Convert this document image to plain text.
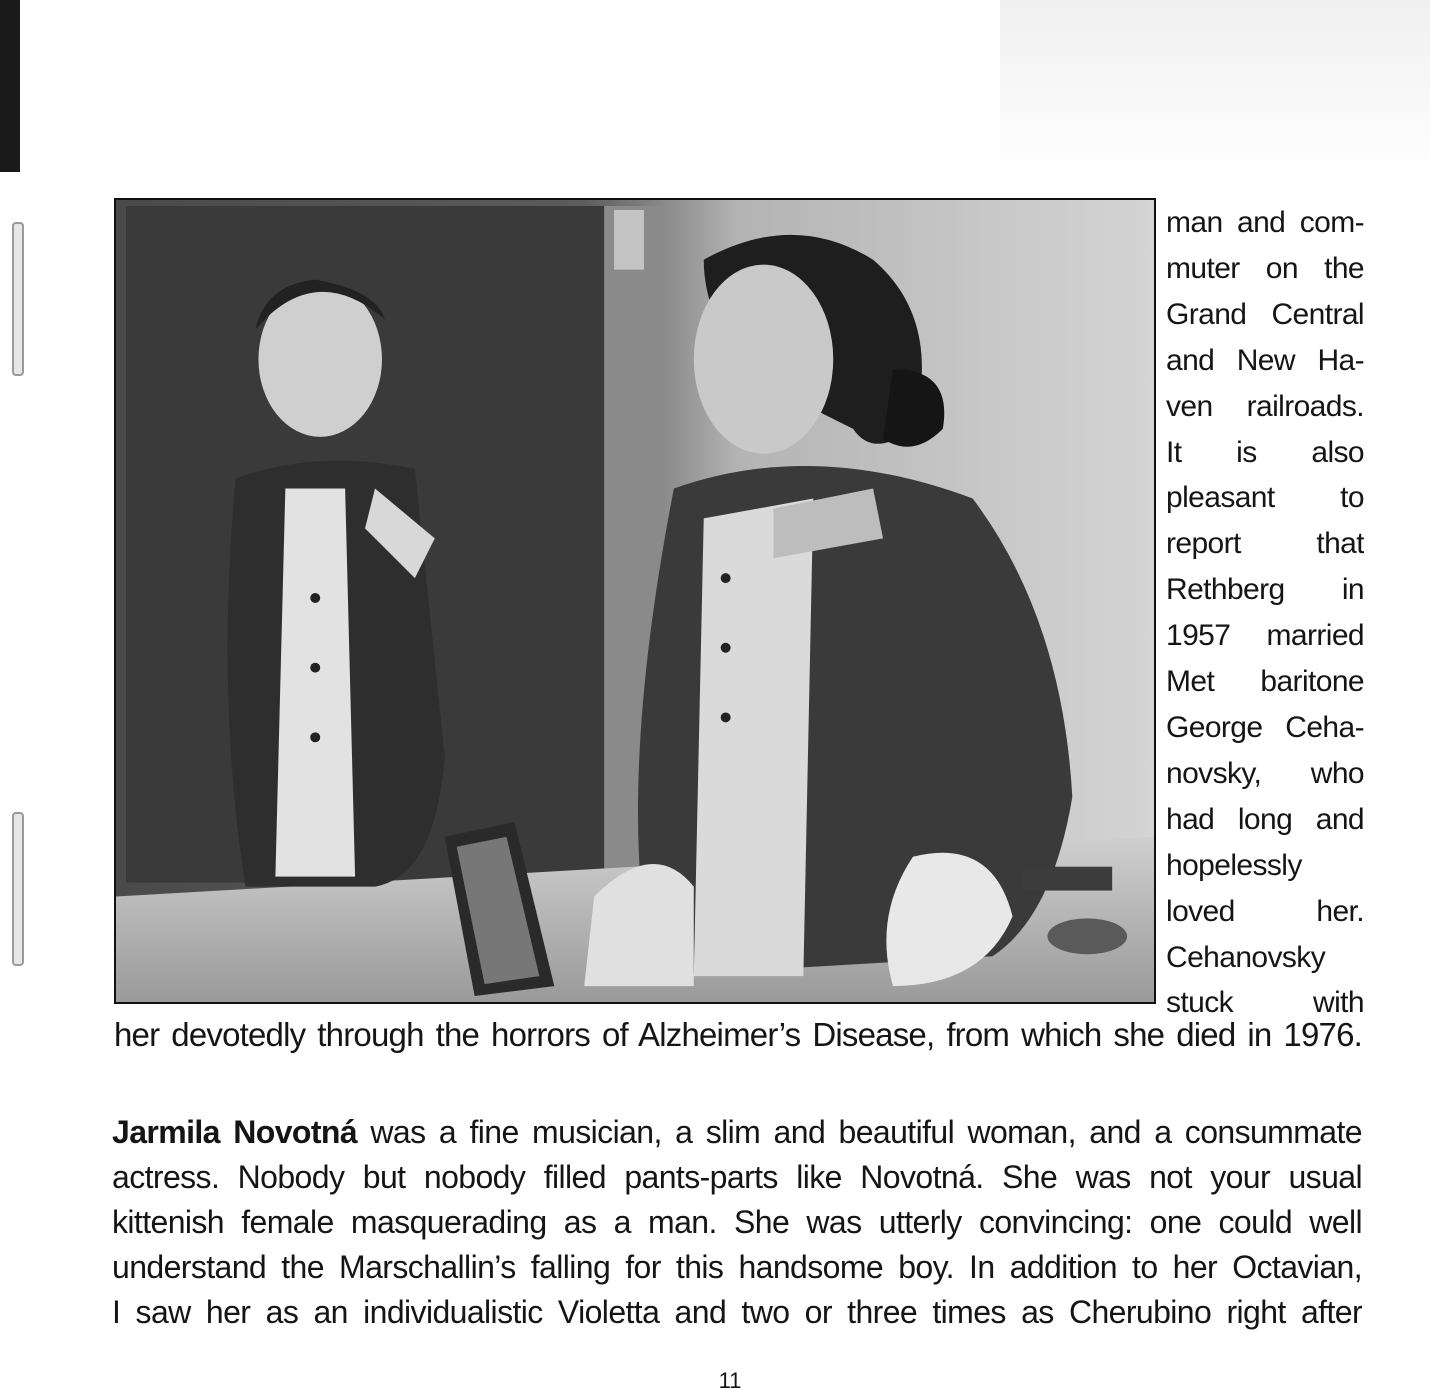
man and com-
muter on the
Grand Central
and New Ha-
ven railroads.
It is also
pleasant to
report that
Rethberg in
1957 married
Met baritone
George Ceha-
novsky, who
had long and
hopelessly
loved her.
Cehanovsky
stuck with
her devotedly through the horrors of Alzheimer’s Disease, from which she died in 1976.
Jarmila Novotná was a fine musician, a slim and beautiful woman, and a consummate
actress. Nobody but nobody filled pants-parts like Novotná. She was not your usual
kittenish female masquerading as a man. She was utterly convincing: one could well
understand the Marschallin’s falling for this handsome boy. In addition to her Octavian,
I saw her as an individualistic Violetta and two or three times as Cherubino right after
11
